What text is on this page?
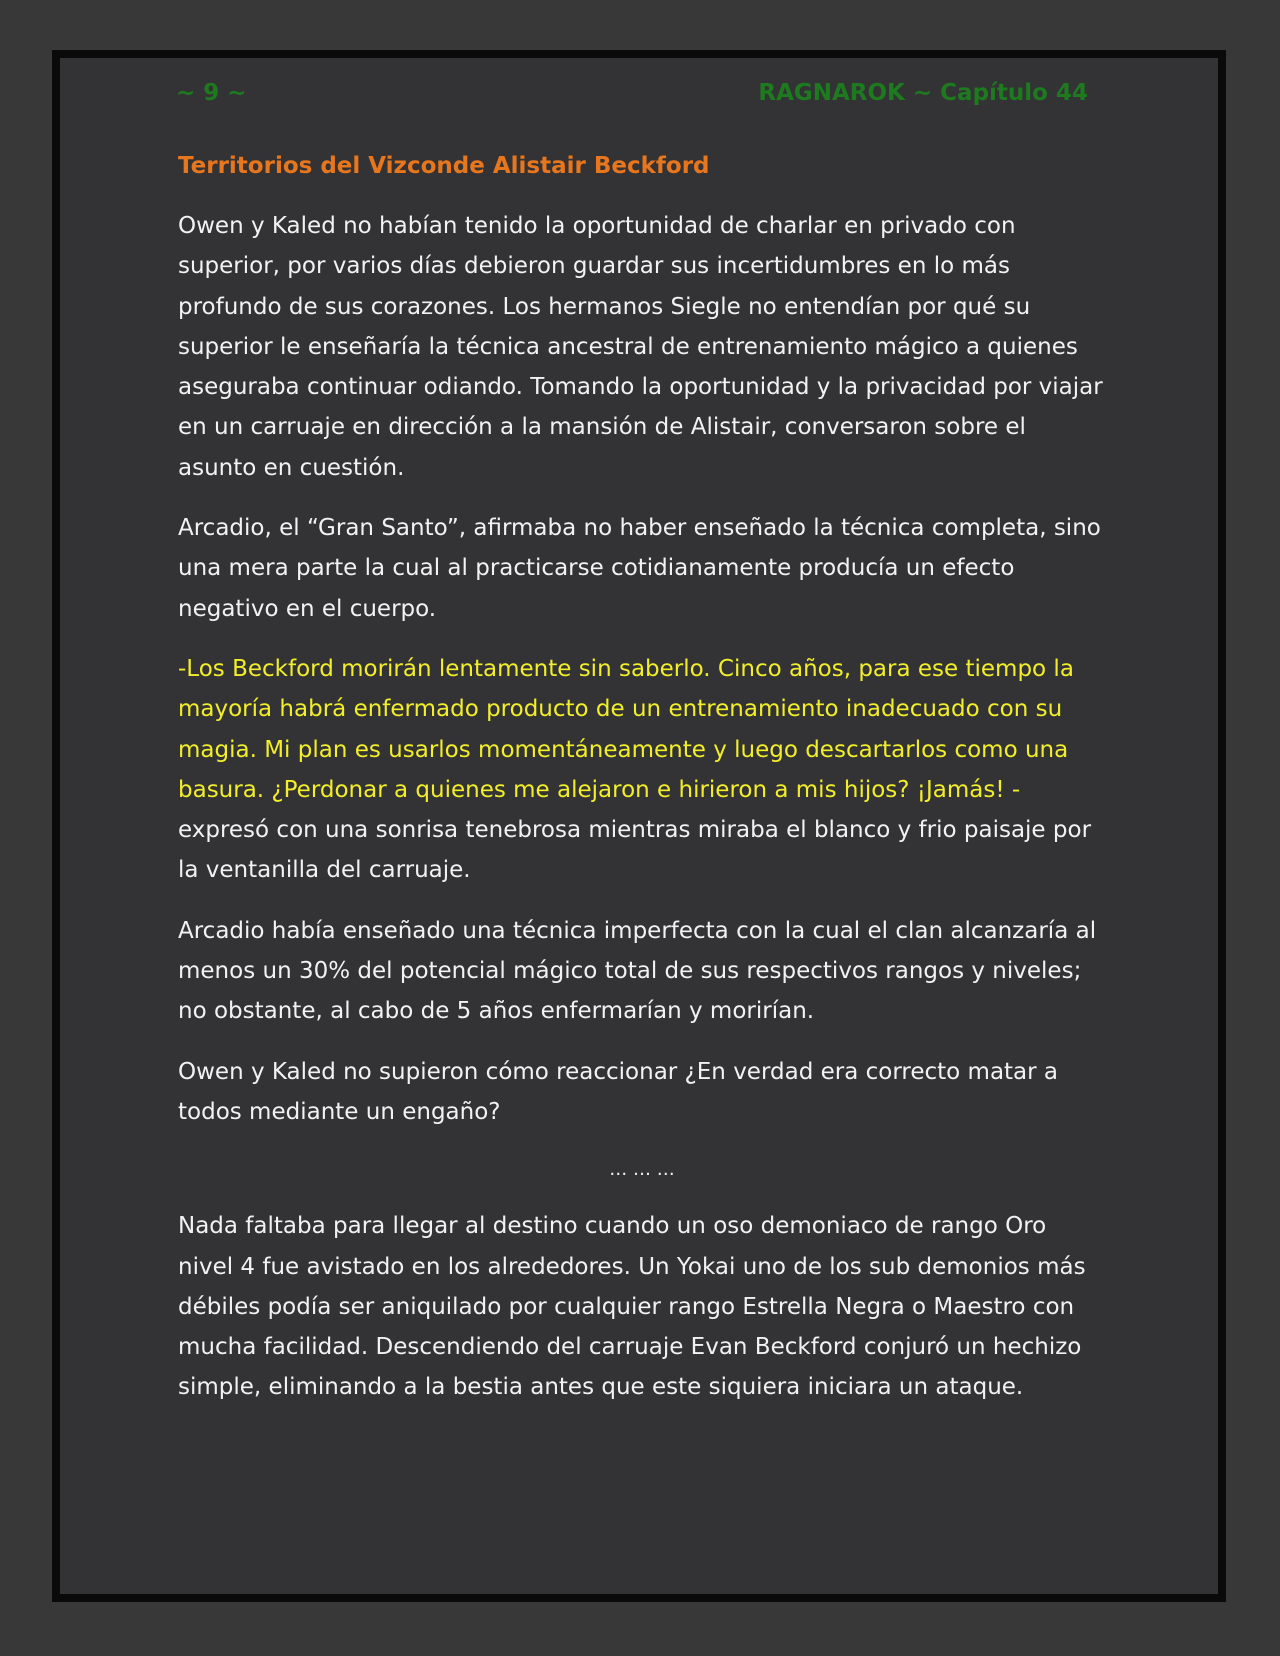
~ 9 ~	RAGNAROK ~ Capítulo 44
Territorios del Vizconde Alistair Beckford

Owen y Kaled no habían tenido la oportunidad de charlar en privado con superior, por varios días debieron guardar sus incertidumbres en lo más profundo de sus corazones. Los hermanos Siegle no entendían por qué su superior le enseñaría la técnica ancestral de entrenamiento mágico a quienes aseguraba continuar odiando. Tomando la oportunidad y la privacidad por viajar en un carruaje en dirección a la mansión de Alistair, conversaron sobre el asunto en cuestión.

Arcadio, el “Gran Santo”, afirmaba no haber enseñado la técnica completa, sino una mera parte la cual al practicarse cotidianamente producía un efecto negativo en el cuerpo.

-Los Beckford morirán lentamente sin saberlo. Cinco años, para ese tiempo la mayoría habrá enfermado producto de un entrenamiento inadecuado con su magia. Mi plan es usarlos momentáneamente y luego descartarlos como una basura. ¿Perdonar a quienes me alejaron e hirieron a mis hijos? ¡Jamás! - expresó con una sonrisa tenebrosa mientras miraba el blanco y frio paisaje por la ventanilla del carruaje.

Arcadio había enseñado una técnica imperfecta con la cual el clan alcanzaría al menos un 30% del potencial mágico total de sus respectivos rangos y niveles; no obstante, al cabo de 5 años enfermarían y morirían.

Owen y Kaled no supieron cómo reaccionar ¿En verdad era correcto matar a todos mediante un engaño?

… … …

Nada faltaba para llegar al destino cuando un oso demoniaco de rango Oro nivel 4 fue avistado en los alrededores. Un Yokai uno de los sub demonios más débiles podía ser aniquilado por cualquier rango Estrella Negra o Maestro con mucha facilidad. Descendiendo del carruaje Evan Beckford conjuró un hechizo simple, eliminando a la bestia antes que este siquiera iniciara un ataque.
